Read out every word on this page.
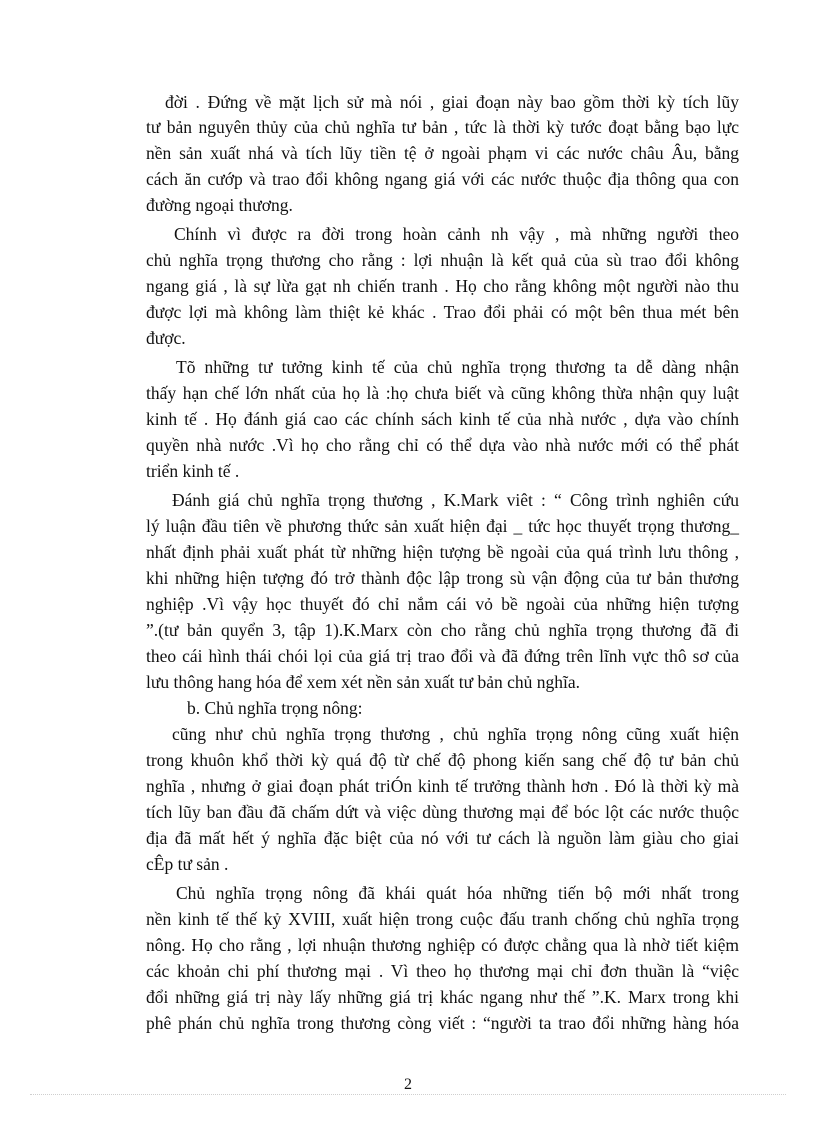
đời . Đứng về mặt lịch sử mà nói , giai đoạn này bao gồm thời kỳ tích lũy
tư bản nguyên thủy của chủ nghĩa tư bản , tức là thời kỳ tước đoạt bằng bạo lực
nền sản xuất nhá và tích lũy tiền tệ ở ngoài phạm vi các nước châu Âu, bằng
cách ăn cướp và trao đổi không ngang giá với các nước thuộc địa thông qua con
đường ngoại thương.
Chính vì được ra đời trong hoàn cảnh nh vậy , mà những người theo
chủ nghĩa trọng thương cho rằng : lợi nhuận là kết quả của sù trao đổi không
ngang giá , là sự lừa gạt nh chiến tranh . Họ cho rằng không một người nào thu
được lợi mà không làm thiệt kẻ khác . Trao đổi phải có một bên thua mét bên
được.
Tõ những tư tưởng kinh tế của chủ nghĩa trọng thương ta dễ dàng nhận
thấy hạn chế lớn nhất của họ là :họ chưa biết và cũng không thừa nhận quy luật
kinh tế . Họ đánh giá cao các chính sách kinh tế của nhà nước , dựa vào chính
quyền nhà nước .Vì họ cho rằng chỉ có thể dựa vào nhà nước mới có thể phát
triển kinh tế .
Đánh giá chủ nghĩa trọng thương , K.Mark viêt : “ Công trình nghiên cứu
lý luận đầu tiên về phương thức sản xuất hiện đại _ tức học thuyết trọng thương_
nhất định phải xuất phát từ những hiện tượng bề ngoài của quá trình lưu thông ,
khi những hiện tượng đó trở thành độc lập trong sù vận động của tư bản thương
nghiệp .Vì vậy học thuyết đó chỉ nắm cái vỏ bề ngoài của những hiện tượng
”.(tư bản quyển 3, tập 1).K.Marx còn cho rằng chủ nghĩa trọng thương đã đi
theo cái hình thái chói lọi của giá trị trao đổi và đã đứng trên lĩnh vực thô sơ của
lưu thông hang hóa để xem xét nền sản xuất tư bản chủ nghĩa.
b. Chủ nghĩa trọng nông:
cũng như chủ nghĩa trọng thương , chủ nghĩa trọng nông cũng xuất hiện
trong khuôn khổ thời kỳ quá độ từ chế độ phong kiến sang chế độ tư bản chủ
nghĩa , nhưng ở giai đoạn phát triÓn kinh tế trưởng thành hơn . Đó là thời kỳ mà
tích lũy ban đầu đã chấm dứt và việc dùng thương mại để bóc lột các nước thuộc
địa đã mất hết ý nghĩa đặc biệt của nó với tư cách là nguồn làm giàu cho giai
cÊp tư sản .
Chủ nghĩa trọng nông đã khái quát hóa những tiến bộ mới nhất trong
nền kinh tế thế kỷ XVIII, xuất hiện trong cuộc đấu tranh chống chủ nghĩa trọng
nông. Họ cho rằng , lợi nhuận thương nghiệp có được chẳng qua là nhờ tiết kiệm
các khoản chi phí thương mại . Vì theo họ thương mại chỉ đơn thuần là “việc
đổi những giá trị này lấy những giá trị khác ngang như thế ”.K. Marx trong khi
phê phán chủ nghĩa trong thương còng viết : “người ta trao đổi những hàng hóa
2
